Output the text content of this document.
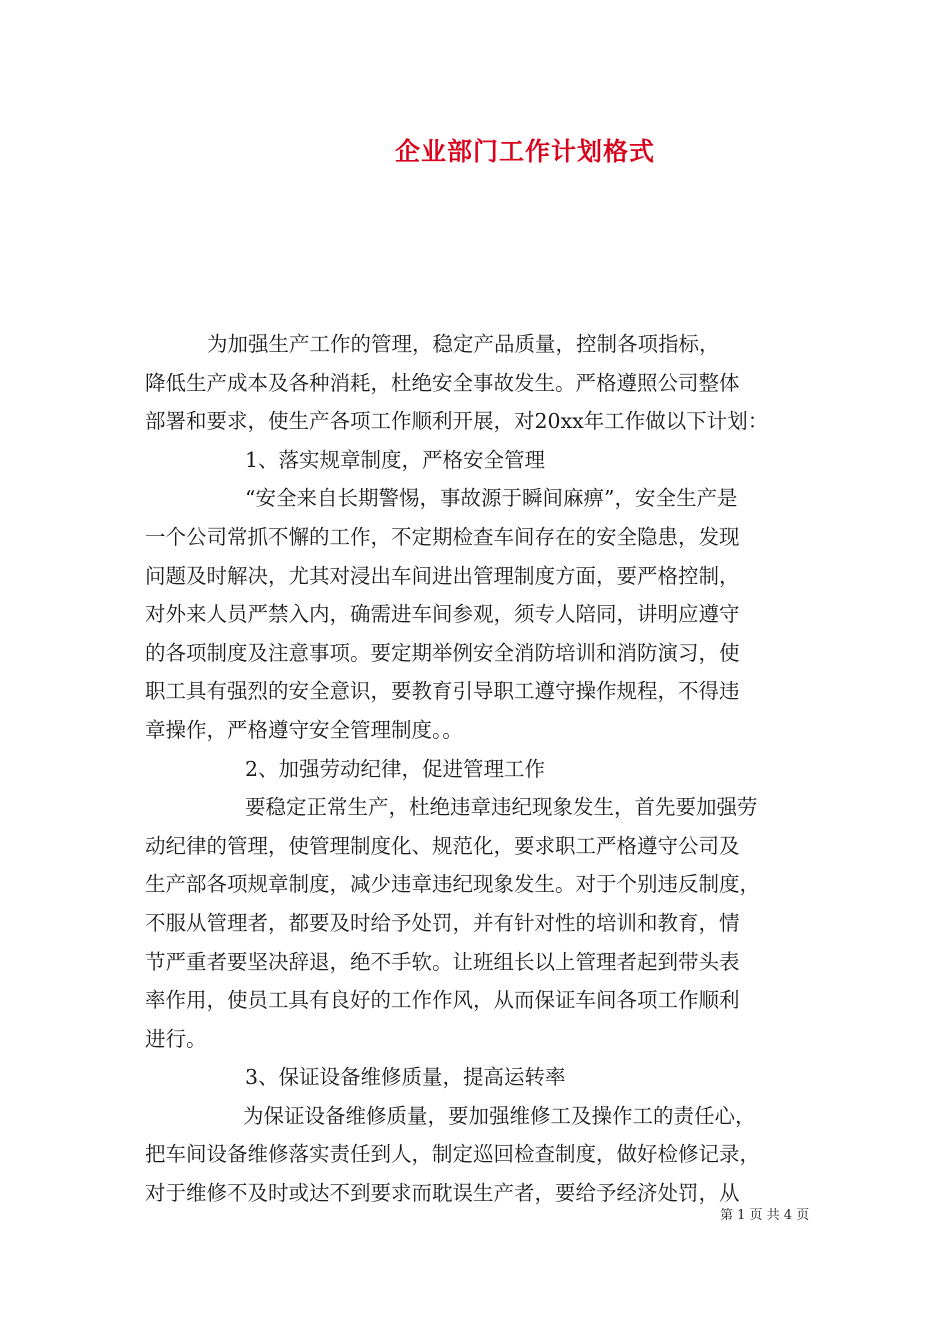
企业部门工作计划格式
为加强生产工作的管理，稳定产品质量，控制各项指标，
降低生产成本及各种消耗，杜绝安全事故发生。严格遵照公司整体
部署和要求，使生产各项工作顺利开展，对20xx年工作做以下计划：
1、落实规章制度，严格安全管理
“安全来自长期警惕，事故源于瞬间麻痹”，安全生产是
一个公司常抓不懈的工作，不定期检查车间存在的安全隐患，发现
问题及时解决，尤其对浸出车间进出管理制度方面，要严格控制，
对外来人员严禁入内，确需进车间参观，须专人陪同，讲明应遵守
的各项制度及注意事项。要定期举例安全消防培训和消防演习，使
职工具有强烈的安全意识，要教育引导职工遵守操作规程，不得违
章操作，严格遵守安全管理制度。。
2、加强劳动纪律，促进管理工作
要稳定正常生产，杜绝违章违纪现象发生，首先要加强劳
动纪律的管理，使管理制度化、规范化，要求职工严格遵守公司及
生产部各项规章制度，减少违章违纪现象发生。对于个别违反制度，
不服从管理者，都要及时给予处罚，并有针对性的培训和教育，情
节严重者要坚决辞退，绝不手软。让班组长以上管理者起到带头表
率作用，使员工具有良好的工作作风，从而保证车间各项工作顺利
进行。
3、保证设备维修质量，提高运转率
为保证设备维修质量，要加强维修工及操作工的责任心，
把车间设备维修落实责任到人，制定巡回检查制度，做好检修记录，
对于维修不及时或达不到要求而耽误生产者，要给予经济处罚，从
第 1 页 共 4 页
